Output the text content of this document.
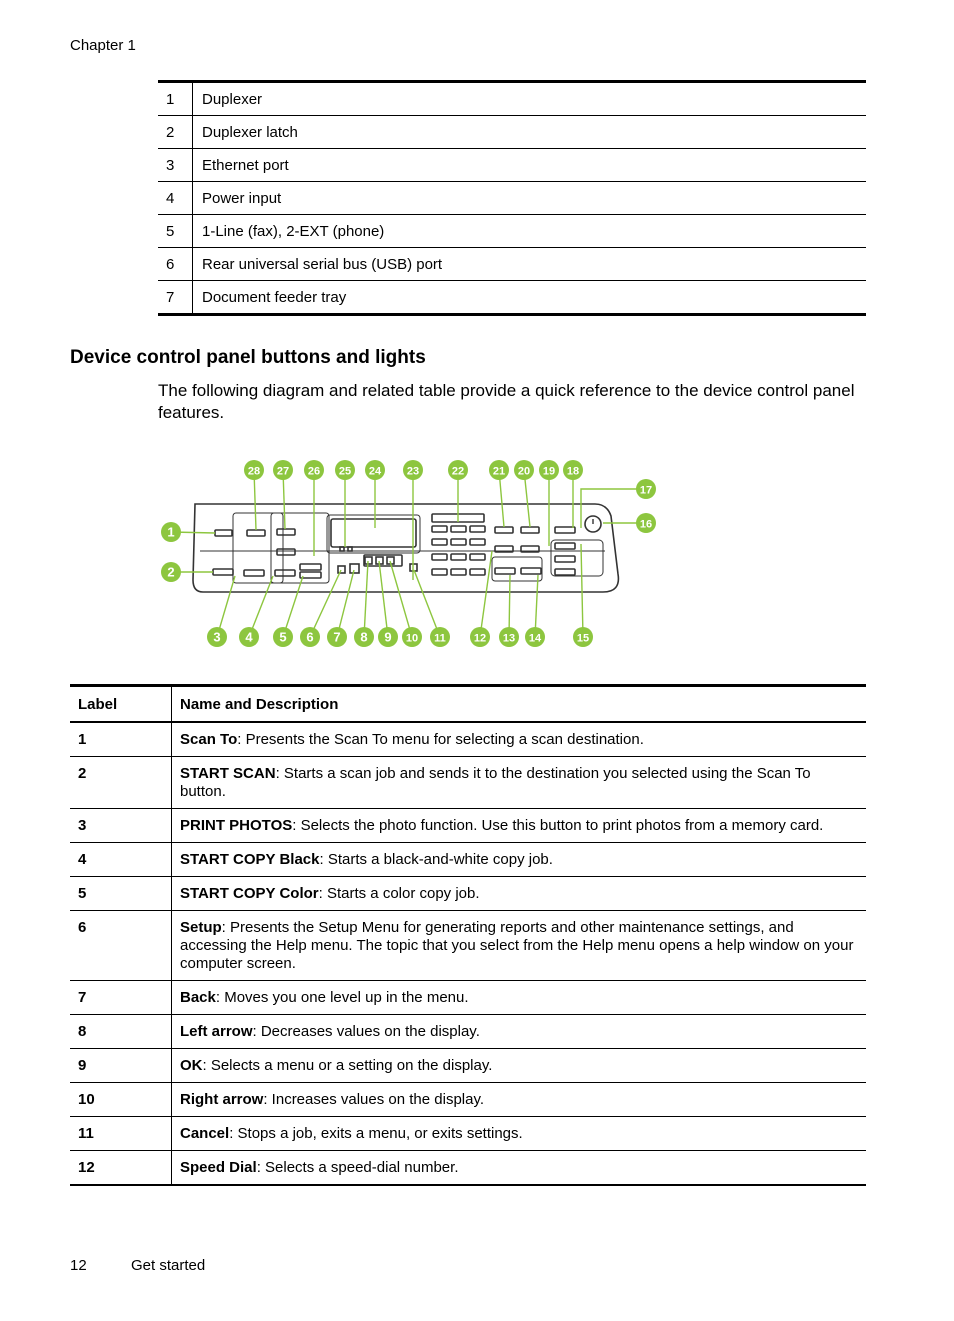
Chapter 1
1	Duplexer
2	Duplexer latch
3	Ethernet port
4	Power input
5	1-Line (fax), 2-EXT (phone)
6	Rear universal serial bus (USB) port
7	Document feeder tray
Device control panel buttons and lights

The following diagram and related table provide a quick reference to the device control panel features.

1
2
3 4 5 6 7 8 9 10 11	12 13 14	15
16
17
18
19
20
21
22
23
24
25
26
27
28
Label	Name and Description
1	Scan To: Presents the Scan To menu for selecting a scan destination.
2	START SCAN: Starts a scan job and sends it to the destination you selected using the Scan To button.
3	PRINT PHOTOS: Selects the photo function. Use this button to print photos from a memory card.
4	START COPY Black: Starts a black-and-white copy job.
5	START COPY Color: Starts a color copy job.
6	Setup: Presents the Setup Menu for generating reports and other maintenance settings, and accessing the Help menu. The topic that you select from the Help menu opens a help window on your computer screen.
7	Back: Moves you one level up in the menu.
8	Left arrow: Decreases values on the display.
9	OK: Selects a menu or a setting on the display.
10	Right arrow: Increases values on the display.
11	Cancel: Stops a job, exits a menu, or exits settings.
12	Speed Dial: Selects a speed-dial number.
12	Get started
